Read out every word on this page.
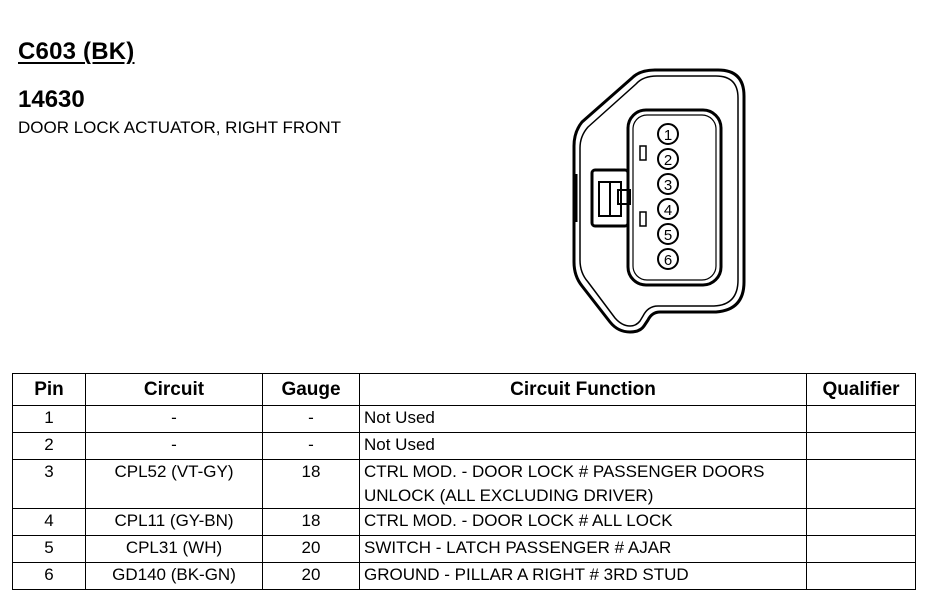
C603 (BK)
14630
DOOR LOCK ACTUATOR, RIGHT FRONT	1
2
3
4
5
6
Pin	Circuit	Gauge	Circuit Function	Qualifier
1	-	-	Not Used	
2	-	-	Not Used	
3	CPL52 (VT-GY)	18	CTRL MOD. - DOOR LOCK # PASSENGER DOORS UNLOCK (ALL EXCLUDING DRIVER)	
4	CPL11 (GY-BN)	18	CTRL MOD. - DOOR LOCK # ALL LOCK	
5	CPL31 (WH)	20	SWITCH - LATCH PASSENGER # AJAR	
6	GD140 (BK-GN)	20	GROUND - PILLAR A RIGHT # 3RD STUD	
